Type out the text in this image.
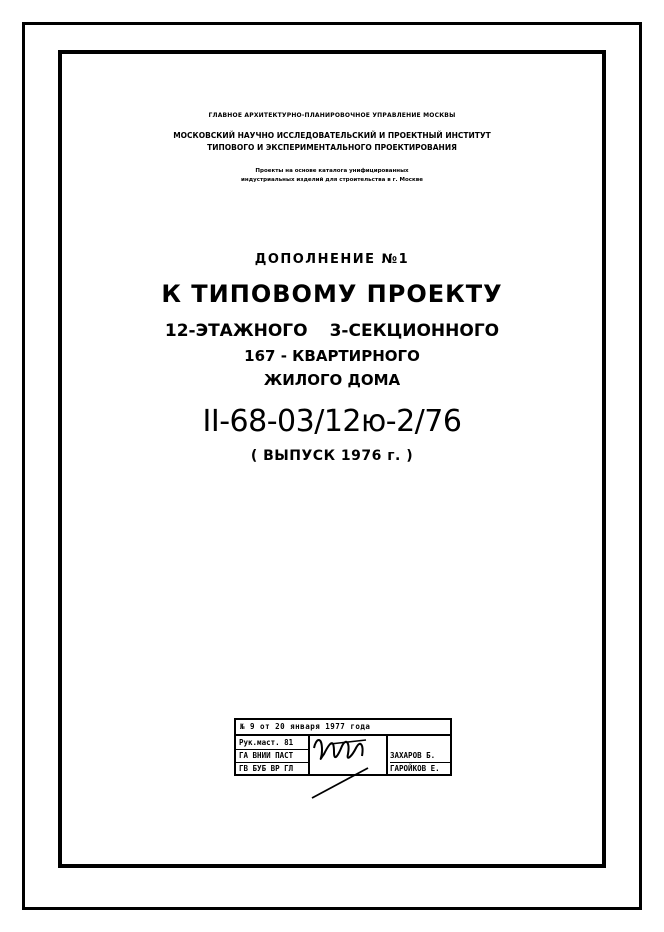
ГЛАВНОЕ АРХИТЕКТУРНО-ПЛАНИРОВОЧНОЕ УПРАВЛЕНИЕ МОСКВЫ
МОСКОВСКИЙ НАУЧНО ИССЛЕДОВАТЕЛЬСКИЙ И ПРОЕКТНЫЙ ИНСТИТУТ
ТИПОВОГО И ЭКСПЕРИМЕНТАЛЬНОГО ПРОЕКТИРОВАНИЯ
Проекты на основе каталога унифицированных
индустриальных изделий для строительства в г. Москве
ДОПОЛНЕНИЕ №1
К ТИПОВОМУ ПРОЕКТУ
12-ЭТАЖНОГО 3-СЕКЦИОННОГО
167 - КВАРТИРНОГО
ЖИЛОГО ДОМА
II-68-03/12ю-2/76
( ВЫПУСК 1976 г. )
№ 9 от 20 января 1977 года
Рук.маст. 81
ГА ВНИИ ПАСТ
ГВ БУБ ВР ГЛ
ЗАХАРОВ Б.
ГАРОЙКОВ Е.
